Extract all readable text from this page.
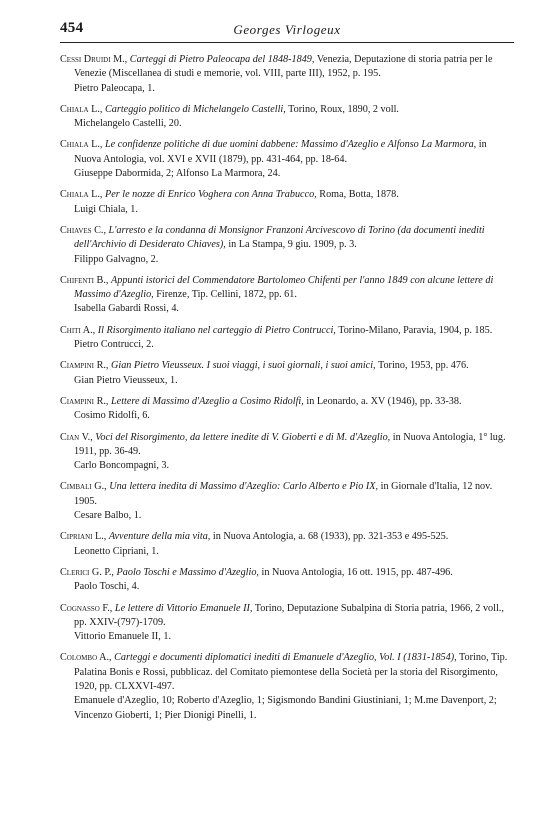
454	Georges Virlogeux
Cessi Druidi M., Carteggi di Pietro Paleocapa del 1848-1849, Venezia, Deputazione di storia patria per le Venezie (Miscellanea di studi e memorie, vol. VIII, parte III), 1952, p. 195.
Pietro Paleocapa, 1.
Chiala L., Carteggio politico di Michelangelo Castelli, Torino, Roux, 1890, 2 voll.
Michelangelo Castelli, 20.
Chiala L., Le confidenze politiche di due uomini dabbene: Massimo d'Azeglio e Alfonso La Marmora, in Nuova Antologia, vol. XVI e XVII (1879), pp. 431-464, pp. 18-64.
Giuseppe Dabormida, 2; Alfonso La Marmora, 24.
Chiala L., Per le nozze di Enrico Voghera con Anna Trabucco, Roma, Botta, 1878.
Luigi Chiala, 1.
Chiaves C., L'arresto e la condanna di Monsignor Franzoni Arcivescovo di Torino (da documenti inediti dell'Archivio di Desiderato Chiaves), in La Stampa, 9 giu. 1909, p. 3.
Filippo Galvagno, 2.
Chifenti B., Appunti istorici del Commendatore Bartolomeo Chifenti per l'anno 1849 con alcune lettere di Massimo d'Azeglio, Firenze, Tip. Cellini, 1872, pp. 61.
Isabella Gabardi Rossi, 4.
Chiti A., Il Risorgimento italiano nel carteggio di Pietro Contrucci, Torino-Milano, Paravia, 1904, p. 185.
Pietro Contrucci, 2.
Ciampini R., Gian Pietro Vieusseux. I suoi viaggi, i suoi giornali, i suoi amici, Torino, 1953, pp. 476.
Gian Pietro Vieusseux, 1.
Ciampini R., Lettere di Massimo d'Azeglio a Cosimo Ridolfi, in Leonardo, a. XV (1946), pp. 33-38.
Cosimo Ridolfi, 6.
Cian V., Voci del Risorgimento, da lettere inedite di V. Gioberti e di M. d'Azeglio, in Nuova Antologia, 1° lug. 1911, pp. 36-49.
Carlo Boncompagni, 3.
Cimbali G., Una lettera inedita di Massimo d'Azeglio: Carlo Alberto e Pio IX, in Giornale d'Italia, 12 nov. 1905.
Cesare Balbo, 1.
Cipriani L., Avventure della mia vita, in Nuova Antologia, a. 68 (1933), pp. 321-353 e 495-525.
Leonetto Cipriani, 1.
Clerici G. P., Paolo Toschi e Massimo d'Azeglio, in Nuova Antologia, 16 ott. 1915, pp. 487-496.
Paolo Toschi, 4.
Cognasso F., Le lettere di Vittorio Emanuele II, Torino, Deputazione Subalpina di Storia patria, 1966, 2 voll., pp. XXIV-(797)-1709.
Vittorio Emanuele II, 1.
Colombo A., Carteggi e documenti diplomatici inediti di Emanuele d'Azeglio, Vol. I (1831-1854), Torino, Tip. Palatina Bonis e Rossi, pubblicaz. del Comitato piemontese della Società per la storia del Risorgimento, 1920, pp. CLXXVI-497.
Emanuele d'Azeglio, 10; Roberto d'Azeglio, 1; Sigismondo Bandini Giustiniani, 1; M.me Davenport, 2; Vincenzo Gioberti, 1; Pier Dionigi Pinelli, 1.
